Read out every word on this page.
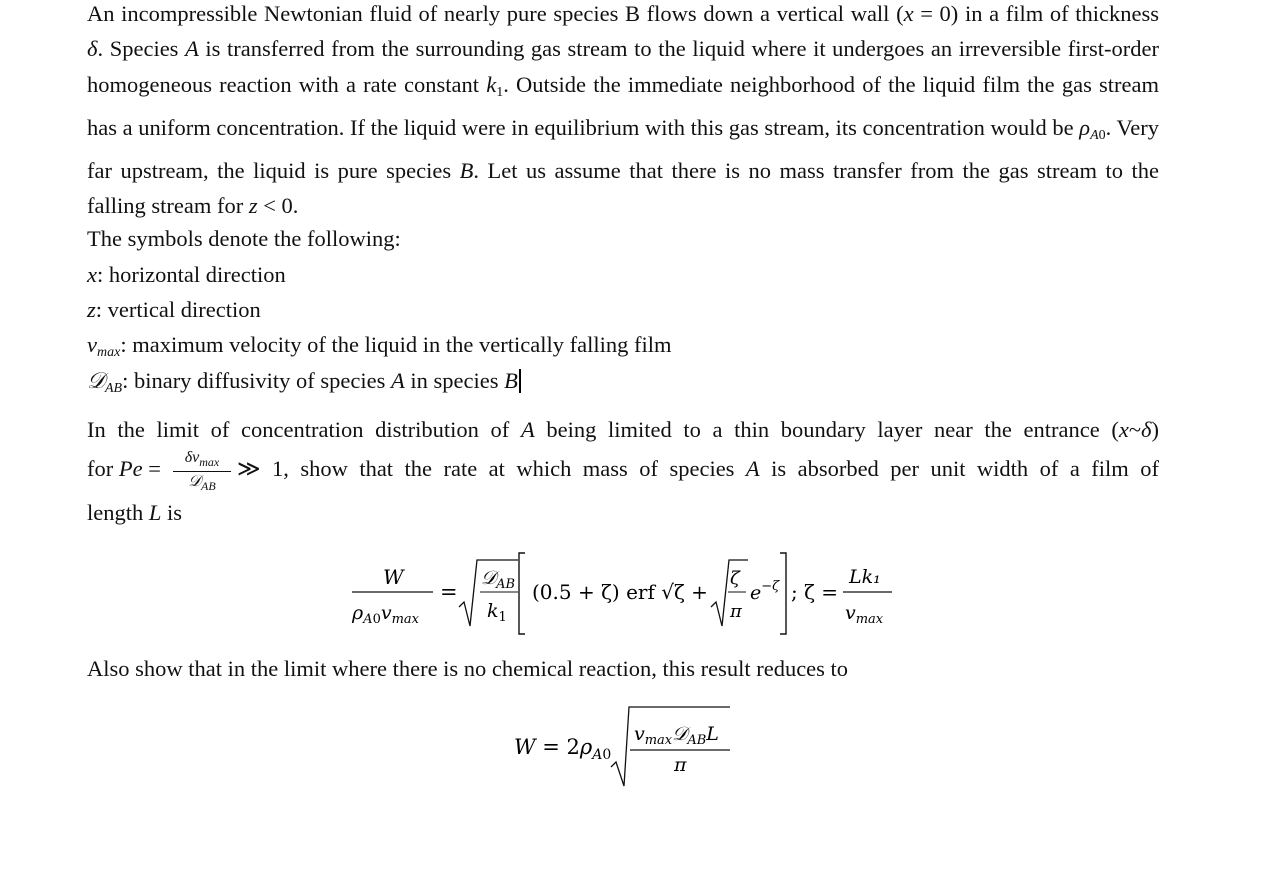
An incompressible Newtonian fluid of nearly pure species B flows down a vertical wall (x = 0) in a film of thickness δ. Species A is transferred from the surrounding gas stream to the liquid where it undergoes an irreversible first-order homogeneous reaction with a rate constant $k_1$. Outside the immediate neighborhood of the liquid film the gas stream has a uniform concentration. If the liquid were in equilibrium with this gas stream, its concentration would be $\rho_{A0}$. Very far upstream, the liquid is pure species B. Let us assume that there is no mass transfer from the gas stream to the falling stream for z < 0.

The symbols denote the following:
x: horizontal direction
z: vertical direction
$v_{max}$: maximum velocity of the liquid in the vertically falling film
𝒟$_{AB}$: binary diffusivity of species A in species B
In the limit of concentration distribution of A being limited to a thin boundary layer near the entrance (x~δ)
for Pe =	$\delta v_{max}$
𝒟$_{AB}$
≫ 1, show that the rate at which mass of species A is absorbed per unit width of a film of
length L is
Also show that in the limit where there is no chemical reaction, this result reduces to
W
$\rho_A0v_{max}$
=
𝒟$_{AB}$
$k_1$
(0.5 + ζ) erf √ζ +
ζ
π
e−ζ ; ζ =
Lk₁
$v_{max}$
$W = 2\rho_A0$
$v_{max}𝒟_{AB}L$
π
